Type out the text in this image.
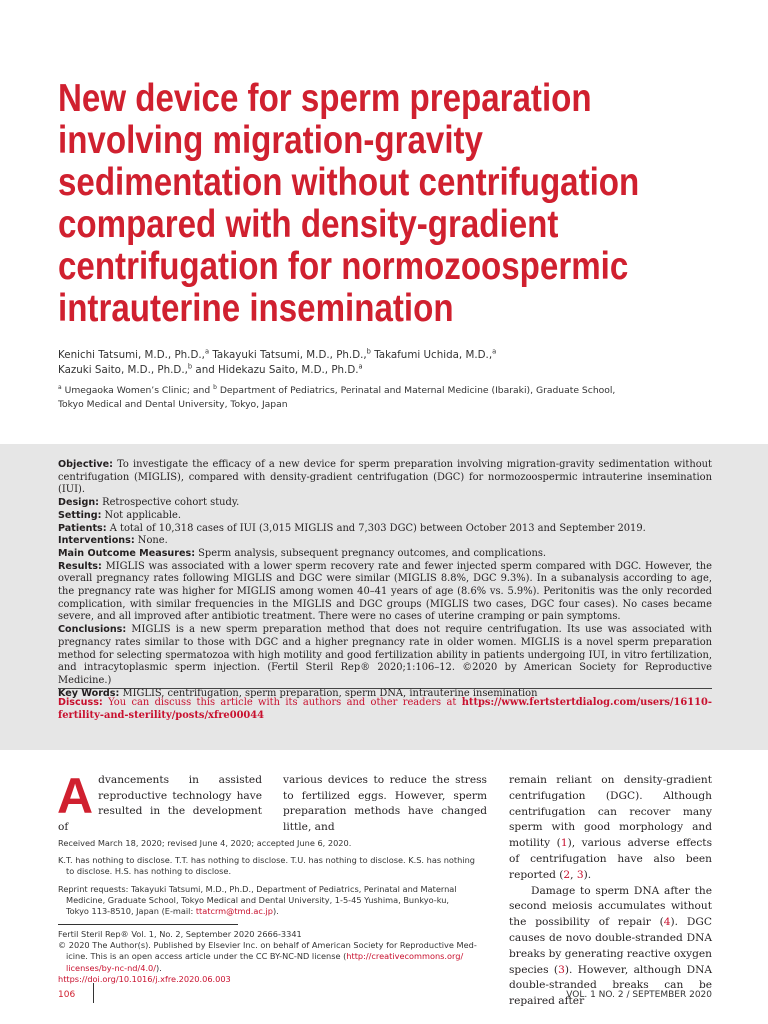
New device for sperm preparation
involving migration-gravity
sedimentation without centrifugation
compared with density-gradient
centrifugation for normozoospermic
intrauterine insemination
Kenichi Tatsumi, M.D., Ph.D.,$^a$ Takayuki Tatsumi, M.D., Ph.D.,$^b$ Takafumi Uchida, M.D.,$^a$
Kazuki Saito, M.D., Ph.D.,$^b$ and Hidekazu Saito, M.D., Ph.D.$^a$
$^a$ Umegaoka Women’s Clinic; and $^b$ Department of Pediatrics, Perinatal and Maternal Medicine (Ibaraki), Graduate School,
Tokyo Medical and Dental University, Tokyo, Japan

Objective: To investigate the efficacy of a new device for sperm preparation involving migration-gravity sedimentation without centrifugation (MIGLIS), compared with density-gradient centrifugation (DGC) for normozoospermic intrauterine insemination (IUI).

Design: Retrospective cohort study.

Setting: Not applicable.

Patients: A total of 10,318 cases of IUI (3,015 MIGLIS and 7,303 DGC) between October 2013 and September 2019.

Interventions: None.

Main Outcome Measures: Sperm analysis, subsequent pregnancy outcomes, and complications.

Results: MIGLIS was associated with a lower sperm recovery rate and fewer injected sperm compared with DGC. However, the overall pregnancy rates following MIGLIS and DGC were similar (MIGLIS 8.8%, DGC 9.3%). In a subanalysis according to age, the pregnancy rate was higher for MIGLIS among women 40–41 years of age (8.6% vs. 5.9%). Peritonitis was the only recorded complication, with similar frequencies in the MIGLIS and DGC groups (MIGLIS two cases, DGC four cases). No cases became severe, and all improved after antibiotic treatment. There were no cases of uterine cramping or pain symptoms.

Conclusions: MIGLIS is a new sperm preparation method that does not require centrifugation. Its use was associated with pregnancy rates similar to those with DGC and a higher pregnancy rate in older women. MIGLIS is a novel sperm preparation method for selecting spermatozoa with high motility and good fertilization ability in patients undergoing IUI, in vitro fertilization, and intracytoplasmic sperm injection. (Fertil Steril Rep® 2020;1:106–12. ©2020 by American Society for Reproductive Medicine.)

Key Words: MIGLIS, centrifugation, sperm preparation, sperm DNA, intrauterine insemination

Discuss: You can discuss this article with its authors and other readers at https://www.fertstertdialog.com/users/16110-fertility-and-sterility/posts/xfre00044
Advancements in assisted reproductive technology have resulted in the development of
various devices to reduce the stress to fertilized eggs. However, sperm preparation methods have changed little, and

remain reliant on density-gradient centrifugation (DGC). Although centrifugation can recover many sperm with good morphology and motility (1), various adverse effects of centrifugation have also been reported (2, 3).

Damage to sperm DNA after the second meiosis accumulates without the possibility of repair (4). DGC causes de novo double-stranded DNA breaks by generating reactive oxygen species (3). However, although DNA double-stranded breaks can be repaired after

Received March 18, 2020; revised June 4, 2020; accepted June 6, 2020.

K.T. has nothing to disclose. T.T. has nothing to disclose. T.U. has nothing to disclose. K.S. has nothing

to disclose. H.S. has nothing to disclose.

Reprint requests: Takayuki Tatsumi, M.D., Ph.D., Department of Pediatrics, Perinatal and Maternal

Medicine, Graduate School, Tokyo Medical and Dental University, 1-5-45 Yushima, Bunkyo-ku,

Tokyo 113-8510, Japan (E-mail: ttatcrm@tmd.ac.jp).

Fertil Steril Rep® Vol. 1, No. 2, September 2020 2666-3341

© 2020 The Author(s). Published by Elsevier Inc. on behalf of American Society for Reproductive Med-

icine. This is an open access article under the CC BY-NC-ND license (http://creativecommons.org/

licenses/by-nc-nd/4.0/).

https://doi.org/10.1016/j.xfre.2020.06.003

106	VOL. 1 NO. 2 / SEPTEMBER 2020
